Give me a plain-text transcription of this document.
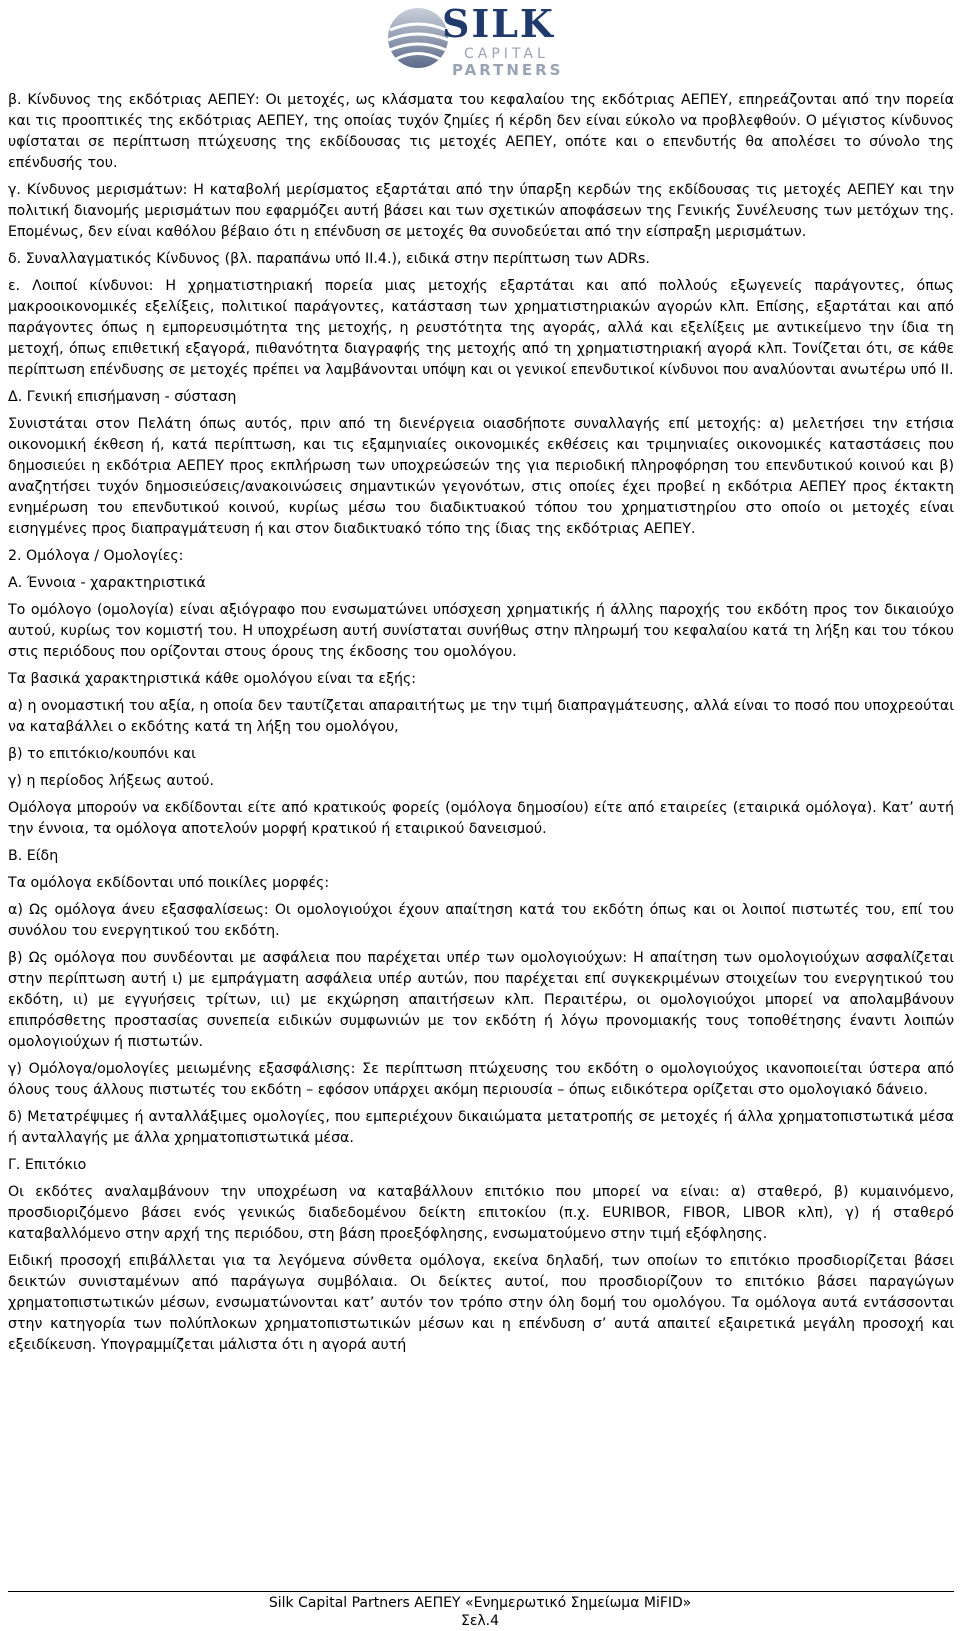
SILK
CAPITAL
PARTNERS

β. Κίνδυνος της εκδότριας ΑΕΠΕΥ: Οι μετοχές, ως κλάσματα του κεφαλαίου της εκδότριας ΑΕΠΕΥ, επηρεάζονται από την πορεία και τις προοπτικές της εκδότριας ΑΕΠΕΥ, της οποίας τυχόν ζημίες ή κέρδη δεν είναι εύκολο να προβλεφθούν. Ο μέγιστος κίνδυνος υφίσταται σε περίπτωση πτώχευσης της εκδίδουσας τις μετοχές ΑΕΠΕΥ, οπότε και ο επενδυτής θα απολέσει το σύνολο της επένδυσής του.

γ. Κίνδυνος μερισμάτων: Η καταβολή μερίσματος εξαρτάται από την ύπαρξη κερδών της εκδίδουσας τις μετοχές ΑΕΠΕΥ και την πολιτική διανομής μερισμάτων που εφαρμόζει αυτή βάσει και των σχετικών αποφάσεων της Γενικής Συνέλευσης των μετόχων της. Επομένως, δεν είναι καθόλου βέβαιο ότι η επένδυση σε μετοχές θα συνοδεύεται από την είσπραξη μερισμάτων.

δ. Συναλλαγματικός Κίνδυνος (βλ. παραπάνω υπό ΙΙ.4.), ειδικά στην περίπτωση των ADRs.

ε. Λοιποί κίνδυνοι: Η χρηματιστηριακή πορεία μιας μετοχής εξαρτάται και από πολλούς εξωγενείς παράγοντες, όπως μακροοικονομικές εξελίξεις, πολιτικοί παράγοντες, κατάσταση των χρηματιστηριακών αγορών κλπ. Επίσης, εξαρτάται και από παράγοντες όπως η εμπορευσιμότητα της μετοχής, η ρευστότητα της αγοράς, αλλά και εξελίξεις με αντικείμενο την ίδια τη μετοχή, όπως επιθετική εξαγορά, πιθανότητα διαγραφής της μετοχής από τη χρηματιστηριακή αγορά κλπ. Τονίζεται ότι, σε κάθε περίπτωση επένδυσης σε μετοχές πρέπει να λαμβάνονται υπόψη και οι γενικοί επενδυτικοί κίνδυνοι που αναλύονται ανωτέρω υπό ΙΙ.

Δ. Γενική επισήμανση - σύσταση

Συνιστάται στον Πελάτη όπως αυτός, πριν από τη διενέργεια οιασδήποτε συναλλαγής επί μετοχής: α) μελετήσει την ετήσια οικονομική έκθεση ή, κατά περίπτωση, και τις εξαμηνιαίες οικονομικές εκθέσεις και τριμηνιαίες οικονομικές καταστάσεις που δημοσιεύει η εκδότρια ΑΕΠΕΥ προς εκπλήρωση των υποχρεώσεών της για περιοδική πληροφόρηση του επενδυτικού κοινού και β) αναζητήσει τυχόν δημοσιεύσεις/ανακοινώσεις σημαντικών γεγονότων, στις οποίες έχει προβεί η εκδότρια ΑΕΠΕΥ προς έκτακτη ενημέρωση του επενδυτικού κοινού, κυρίως μέσω του διαδικτυακού τόπου του χρηματιστηρίου στο οποίο οι μετοχές είναι εισηγμένες προς διαπραγμάτευση ή και στον διαδικτυακό τόπο της ίδιας της εκδότριας ΑΕΠΕΥ.

2. Ομόλογα / Ομολογίες:

Α. Έννοια - χαρακτηριστικά

Το ομόλογο (ομολογία) είναι αξιόγραφο που ενσωματώνει υπόσχεση χρηματικής ή άλλης παροχής του εκδότη προς τον δικαιούχο αυτού, κυρίως τον κομιστή του. Η υποχρέωση αυτή συνίσταται συνήθως στην πληρωμή του κεφαλαίου κατά τη λήξη και του τόκου στις περιόδους που ορίζονται στους όρους της έκδοσης του ομολόγου.

Τα βασικά χαρακτηριστικά κάθε ομολόγου είναι τα εξής:

α) η ονομαστική του αξία, η οποία δεν ταυτίζεται απαραιτήτως με την τιμή διαπραγμάτευσης, αλλά είναι το ποσό που υποχρεούται να καταβάλλει ο εκδότης κατά τη λήξη του ομολόγου,

β) το επιτόκιο/κουπόνι και

γ) η περίοδος λήξεως αυτού.

Ομόλογα μπορούν να εκδίδονται είτε από κρατικούς φορείς (ομόλογα δημοσίου) είτε από εταιρείες (εταιρικά ομόλογα). Κατ’ αυτή την έννοια, τα ομόλογα αποτελούν μορφή κρατικού ή εταιρικού δανεισμού.

Β. Είδη

Τα ομόλογα εκδίδονται υπό ποικίλες μορφές:

α) Ως ομόλογα άνευ εξασφαλίσεως: Οι ομολογιούχοι έχουν απαίτηση κατά του εκδότη όπως και οι λοιποί πιστωτές του, επί του συνόλου του ενεργητικού του εκδότη.

β) Ως ομόλογα που συνδέονται με ασφάλεια που παρέχεται υπέρ των ομολογιούχων: Η απαίτηση των ομολογιούχων ασφαλίζεται στην περίπτωση αυτή ι) με εμπράγματη ασφάλεια υπέρ αυτών, που παρέχεται επί συγκεκριμένων στοιχείων του ενεργητικού του εκδότη, ιι) με εγγυήσεις τρίτων, ιιι) με εκχώρηση απαιτήσεων κλπ. Περαιτέρω, οι ομολογιούχοι μπορεί να απολαμβάνουν επιπρόσθετης προστασίας συνεπεία ειδικών συμφωνιών με τον εκδότη ή λόγω προνομιακής τους τοποθέτησης έναντι λοιπών ομολογιούχων ή πιστωτών.

γ) Ομόλογα/ομολογίες μειωμένης εξασφάλισης: Σε περίπτωση πτώχευσης του εκδότη ο ομολογιούχος ικανοποιείται ύστερα από όλους τους άλλους πιστωτές του εκδότη – εφόσον υπάρχει ακόμη περιουσία – όπως ειδικότερα ορίζεται στο ομολογιακό δάνειο.

δ) Μετατρέψιμες ή ανταλλάξιμες ομολογίες, που εμπεριέχουν δικαιώματα μετατροπής σε μετοχές ή άλλα χρηματοπιστωτικά μέσα ή ανταλλαγής με άλλα χρηματοπιστωτικά μέσα.

Γ. Επιτόκιο

Οι εκδότες αναλαμβάνουν την υποχρέωση να καταβάλλουν επιτόκιο που μπορεί να είναι: α) σταθερό, β) κυμαινόμενο, προσδιοριζόμενο βάσει ενός γενικώς διαδεδομένου δείκτη επιτοκίου (π.χ. EURIBOR, FIBOR, LIBOR κλπ), γ) ή σταθερό καταβαλλόμενο στην αρχή της περιόδου, στη βάση προεξόφλησης, ενσωματούμενο στην τιμή εξόφλησης.

Ειδική προσοχή επιβάλλεται για τα λεγόμενα σύνθετα ομόλογα, εκείνα δηλαδή, των οποίων το επιτόκιο προσδιορίζεται βάσει δεικτών συνισταμένων από παράγωγα συμβόλαια. Οι δείκτες αυτοί, που προσδιορίζουν το επιτόκιο βάσει παραγώγων χρηματοπιστωτικών μέσων, ενσωματώνονται κατ’ αυτόν τον τρόπο στην όλη δομή του ομολόγου. Τα ομόλογα αυτά εντάσσονται στην κατηγορία των πολύπλοκων χρηματοπιστωτικών μέσων και η επένδυση σ’ αυτά απαιτεί εξαιρετικά μεγάλη προσοχή και εξειδίκευση. Υπογραμμίζεται μάλιστα ότι η αγορά αυτή

Silk Capital Partners ΑΕΠΕΥ «Ενημερωτικό Σημείωμα MiFID»
Σελ.4
